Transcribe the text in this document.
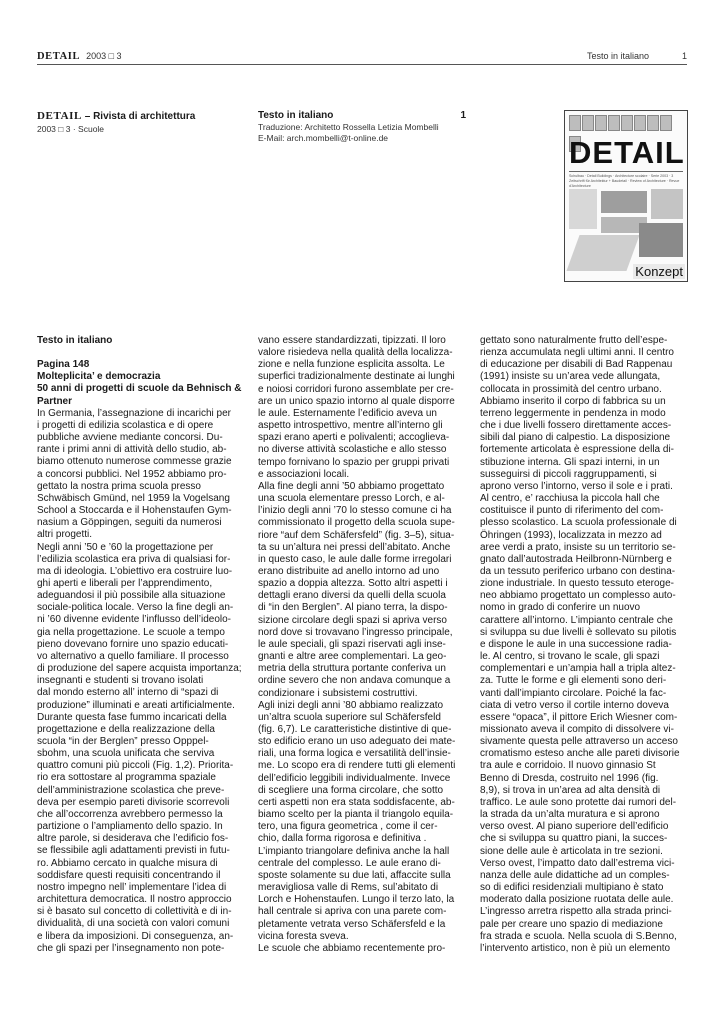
DETAIL 2003 □ 3	Testo in italiano	1
DETAIL – Rivista di architettura
2003 □ 3 · Scuole
Testo in italiano	1
Traduzione: Architetto Rossella Letizia Mombelli
E-Mail: arch.mombelli@t-online.de	DETAIL
Schulbau · Detail Buildings · Architecture scolaire · Serie 2003 · 3 Zeitschrift für Architektur + Baudetail · Review of Architecture · Revue d'Architecture
Konzept

Testo in italiano

Pagina 148

Molteplicita’ e democrazia

50 anni di progetti di scuole da Behnisch & Partner

In Germania, l’assegnazione di incarichi per
i progetti di edilizia scolastica e di opere
pubbliche avviene mediante concorsi. Du-
rante i primi anni di attività dello studio, ab-
biamo ottenuto numerose commesse grazie
a concorsi pubblici. Nel 1952 abbiamo pro-
gettato la nostra prima scuola presso
Schwäbisch Gmünd, nel 1959 la Vogelsang
School a Stoccarda e il Hohenstaufen Gym-
nasium a Göppingen, seguiti da numerosi
altri progetti.
Negli anni ’50 e ’60 la progettazione per
l’edilizia scolastica era priva di qualsiasi for-
ma di ideologia. L’obiettivo era costruire luo-
ghi aperti e liberali per l’apprendimento,
adeguandosi il più possibile alla situazione
sociale-politica locale. Verso la fine degli an-
ni ’60 divenne evidente l’influsso dell’ideolo-
gia nella progettazione. Le scuole a tempo
pieno dovevano fornire uno spazio educati-
vo alternativo a quello familiare. Il processo
di produzione del sapere acquista importanza;
insegnanti e studenti si trovano isolati
dal mondo esterno all’ interno di “spazi di
produzione” illuminati e areati artificialmente.
Durante questa fase fummo incaricati della
progettazione e della realizzazione della
scuola “in der Berglen” presso Opppel-
sbohm, una scuola unificata che serviva
quattro comuni più piccoli (Fig. 1,2). Priorita-
rio era sottostare al programma spaziale
dell’amministrazione scolastica che preve-
deva per esempio pareti divisorie scorrevoli
che all’occorrenza avrebbero permesso la
partizione o l’ampliamento dello spazio. In
altre parole, si desiderava che l’edificio fos-
se flessibile agli adattamenti previsti in futu-
ro. Abbiamo cercato in qualche misura di
soddisfare questi requisiti concentrando il
nostro impegno nell’ implementare l’idea di
architettura democratica. Il nostro approccio
si è basato sul concetto di collettività e di in-
dividualità, di una società con valori comuni
e libera da imposizioni. Di conseguenza, an-
che gli spazi per l’insegnamento non pote-
vano essere standardizzati, tipizzati. Il loro
valore risiedeva nella qualità della localizza-
zione e nella funzione esplicita assolta. Le
superfici tradizionalmente destinate ai lunghi
e noiosi corridori furono assemblate per cre-
are un unico spazio intorno al quale disporre
le aule. Esternamente l’edificio aveva un
aspetto introspettivo, mentre all’interno gli
spazi erano aperti e polivalenti; accoglieva-
no diverse attività scolastiche e allo stesso
tempo fornivano lo spazio per gruppi privati
e associazioni locali.
Alla fine degli anni ’50 abbiamo progettato
una scuola elementare presso Lorch, e al-
l’inizio degli anni ’70 lo stesso comune ci ha
commissionato il progetto della scuola supe-
riore “auf dem Schäfersfeld” (fig. 3–5), situa-
ta su un’altura nei pressi dell’abitato. Anche
in questo caso, le aule dalle forme irregolari
erano distribuite ad anello intorno ad uno
spazio a doppia altezza. Sotto altri aspetti i
dettagli erano diversi da quelli della scuola
di “in den Berglen”. Al piano terra, la dispo-
sizione circolare degli spazi si apriva verso
nord dove si trovavano l’ingresso principale,
le aule speciali, gli spazi riservati agli inse-
gnanti e altre aree complementari. La geo-
metria della struttura portante conferiva un
ordine severo che non andava comunque a
condizionare i subsistemi costruttivi.
Agli inizi degli anni ’80 abbiamo realizzato
un’altra scuola superiore sul Schäfersfeld
(fig. 6,7). Le caratteristiche distintive di que-
sto edificio erano un uso adeguato dei mate-
riali, una forma logica e versatilità dell’insie-
me. Lo scopo era di rendere tutti gli elementi
dell’edificio leggibili individualmente. Invece
di scegliere una forma circolare, che sotto
certi aspetti non era stata soddisfacente, ab-
biamo scelto per la pianta il triangolo equila-
tero, una figura geometrica , come il cer-
chio, dalla forma rigorosa e definitiva .
L’impianto triangolare definiva anche la hall
centrale del complesso. Le aule erano di-
sposte solamente su due lati, affaccite sulla
meravigliosa valle di Rems, sul’abitato di
Lorch e Hohenstaufen. Lungo il terzo lato, la
hall centrale si apriva con una parete com-
pletamente vetrata verso Schäfersfeld e la
vicina foresta sveva.
Le scuole che abbiamo recentemente pro-
gettato sono naturalmente frutto dell’espe-
rienza accumulata negli ultimi anni. Il centro
di educazione per disabili di Bad Rappenau
(1991) insiste su un’area vede allungata,
collocata in prossimità del centro urbano.
Abbiamo inserito il corpo di fabbrica su un
terreno leggermente in pendenza in modo
che i due livelli fossero direttamente acces-
sibili dal piano di calpestio. La disposizione
fortemente articolata è espressione della di-
stibuzione interna. Gli spazi interni, in un
susseguirsi di piccoli raggruppamenti, si
aprono verso l’intorno, verso il sole e i prati.
Al centro, e’ racchiusa la piccola hall che
costituisce il punto di riferimento del com-
plesso scolastico. La scuola professionale di
Öhringen (1993), localizzata in mezzo ad
aree verdi a prato, insiste su un territorio se-
gnato dall’autostrada Heilbronn-Nürnberg e
da un tessuto periferico urbano con destina-
zione industriale. In questo tessuto eteroge-
neo abbiamo progettato un complesso auto-
nomo in grado di conferire un nuovo
carattere all’intorno. L’impianto centrale che
si sviluppa su due livelli è sollevato su pilotis
e dispone le aule in una successione radia-
le. Al centro, si trovano le scale, gli spazi
complementari e un’ampia hall a tripla altez-
za. Tutte le forme e gli elementi sono deri-
vanti dall’impianto circolare. Poiché la fac-
ciata di vetro verso il cortile interno doveva
essere “opaca”, il pittore Erich Wiesner com-
missionato aveva il compito di dissolvere vi-
sivamente questa pelle attraverso un acceso
cromatismo esteso anche alle pareti divisorie
tra aule e corridoio. Il nuovo ginnasio St
Benno di Dresda, costruito nel 1996 (fig.
8,9), si trova in un’area ad alta densità di
traffico. Le aule sono protette dai rumori del-
la strada da un’alta muratura e si aprono
verso ovest. Al piano superiore dell’edificio
che si sviluppa su quattro piani, la succes-
sione delle aule è articolata in tre sezioni.
Verso ovest, l’impatto dato dall’estrema vici-
nanza delle aule didattiche ad un comples-
so di edifici residenziali multipiano è stato
moderato dalla posizione ruotata delle aule.
L’ingresso arretra rispetto alla strada princi-
pale per creare uno spazio di mediazione
fra strada e scuola. Nella scuola di S.Benno,
l’intervento artistico, non è più un elemento
